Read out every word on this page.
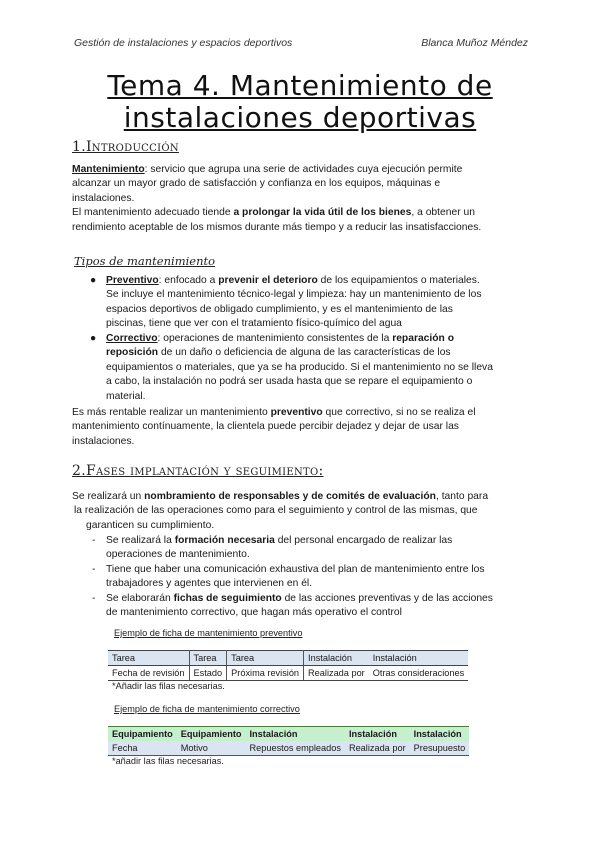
Gestión de instalaciones y espacios deportivos	Blanca Muñoz Méndez
Tema 4. Mantenimiento de
instalaciones deportivas
1.Introducción
Mantenimiento: servicio que agrupa una serie de actividades cuya ejecución permite
alcanzar un mayor grado de satisfacción y confianza en los equipos, máquinas e
instalaciones.
El mantenimiento adecuado tiende a prolongar la vida útil de los bienes, a obtener un
rendimiento aceptable de los mismos durante más tiempo y a reducir las insatisfacciones.
Tipos de mantenimiento
● Preventivo: enfocado a prevenir el deterioro de los equipamientos o materiales.
Se incluye el mantenimiento técnico-legal y limpieza: hay un mantenimiento de los
espacios deportivos de obligado cumplimiento, y es el mantenimiento de las
piscinas, tiene que ver con el tratamiento físico-químico del agua
● Correctivo: operaciones de mantenimiento consistentes de la reparación o
reposición de un daño o deficiencia de alguna de las características de los
equipamientos o materiales, que ya se ha producido. Si el mantenimiento no se lleva
a cabo, la instalación no podrá ser usada hasta que se repare el equipamiento o
material.
Es más rentable realizar un mantenimiento preventivo que correctivo, si no se realiza el
mantenimiento contínuamente, la clientela puede percibir dejadez y dejar de usar las
instalaciones.
2.Fases implantación y seguimiento:
Se realizará un nombramiento de responsables y de comités de evaluación, tanto para
la realización de las operaciones como para el seguimiento y control de las mismas, que
garanticen su cumplimiento.
- Se realizará la formación necesaria del personal encargado de realizar las
operaciones de mantenimiento.
- Tiene que haber una comunicación exhaustiva del plan de mantenimiento entre los
trabajadores y agentes que intervienen en él.
- Se elaborarán fichas de seguimiento de las acciones preventivas y de las acciones
de mantenimiento correctivo, que hagan más operativo el control
Ejemplo de ficha de mantenimiento preventivo
Tarea	Tarea	Tarea	Instalación	Instalación
Fecha de revisión	Estado	Próxima revisión	Realizada por	Otras consideraciones
*Añadir las filas necesarias.
Ejemplo de ficha de mantenimiento correctivo
Equipamiento	Equipamiento	Instalación	Instalación	Instalación
Fecha	Motivo	Repuestos empleados	Realizada por	Presupuesto
*añadir las filas necesarias.
